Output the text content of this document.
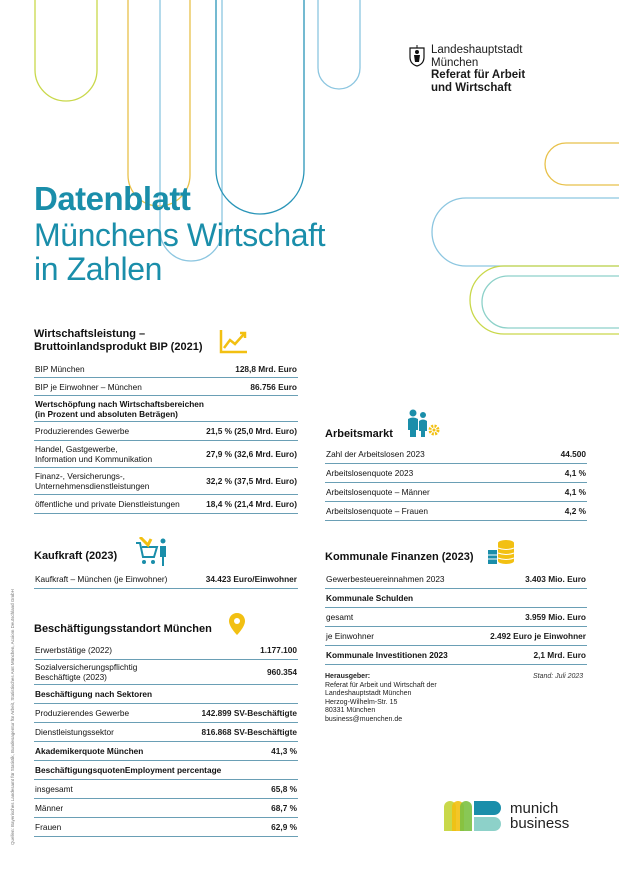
Landeshauptstadt
München
Referat für Arbeit
und Wirtschaft
Datenblatt
Münchens Wirtschaft
in Zahlen
Wirtschaftsleistung –
Bruttoinlandsprodukt BIP (2021)
BIP München	128,8 Mrd. Euro
BIP je Einwohner – München	86.756 Euro
Wertschöpfung nach Wirtschaftsbereichen
(in Prozent und absoluten Beträgen)
Produzierendes Gewerbe	21,5 % (25,0 Mrd. Euro)
Handel, Gastgewerbe,
Information und Kommunikation	27,9 % (32,6 Mrd. Euro)
Finanz-, Versicherungs-,
Unternehmensdienstleistungen	32,2 % (37,5 Mrd. Euro)
öffentliche und private Dienstleistungen	18,4 % (21,4 Mrd. Euro)
Arbeitsmarkt
Zahl der Arbeitslosen 2023	44.500
Arbeitslosenquote 2023	4,1 %
Arbeitslosenquote – Männer	4,1 %
Arbeitslosenquote – Frauen	4,2 %
Kaufkraft (2023)
Kaufkraft – München (je Einwohner)	34.423 Euro/Einwohner
Kommunale Finanzen (2023)
Gewerbesteuereinnahmen 2023	3.403 Mio. Euro
Kommunale Schulden
gesamt	3.959 Mio. Euro
je Einwohner	2.492 Euro je Einwohner
Kommunale Investitionen 2023	2,1 Mrd. Euro
Beschäftigungsstandort München
Erwerbstätige (2022)	1.177.100
Sozialversicherungspflichtig
Beschäftigte (2023)	960.354
Beschäftigung nach Sektoren
Produzierendes Gewerbe	142.899 SV-Beschäftigte
Dienstleistungssektor	816.868 SV-Beschäftigte
Akademikerquote München	41,3 %
BeschäftigungsquotenEmployment percentage
insgesamt	65,8 %
Männer	68,7 %
Frauen	62,9 %
Herausgeber:
Referat für Arbeit und Wirtschaft der
Landeshauptstadt München
Herzog-Wilhelm-Str. 15
80331 München
business@muenchen.de
Stand: Juli 2023
Quellen: Bayerisches Landesamt für Statistik, Bundesagentur für Arbeit, Statistisches Amt München, Acxiom Deutschland GmbH	munich
business
